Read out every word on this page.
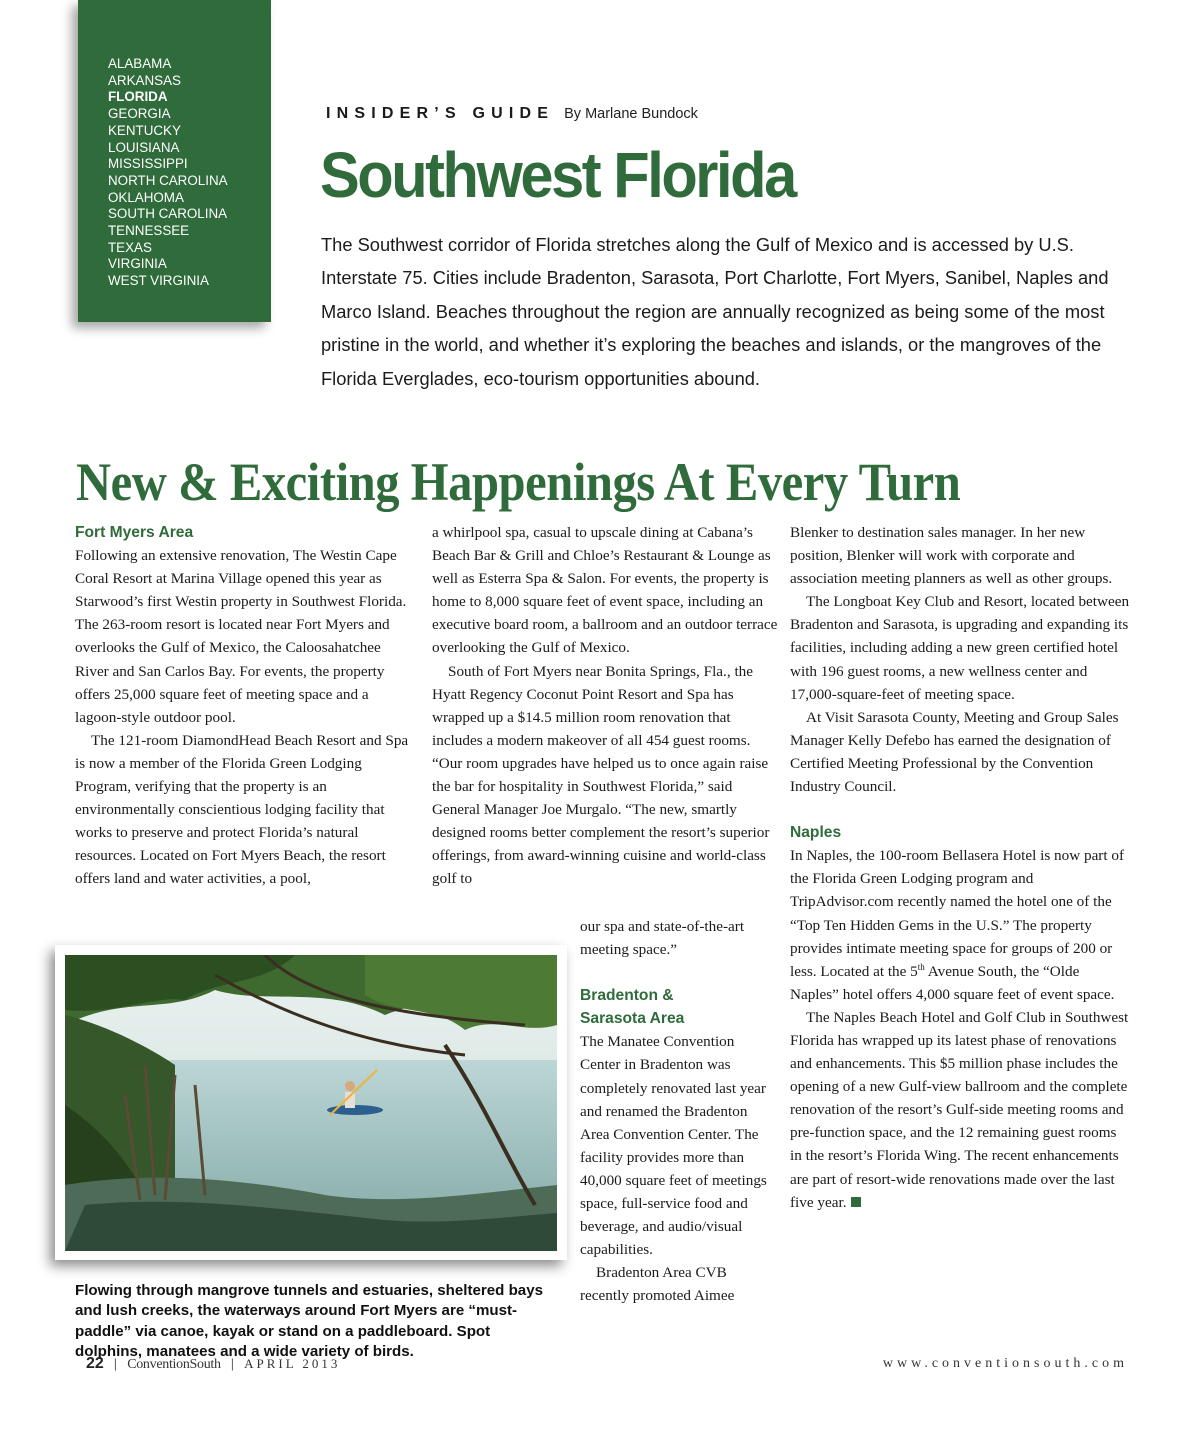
ALABAMA
ARKANSAS
FLORIDA
GEORGIA
KENTUCKY
LOUISIANA
MISSISSIPPI
NORTH CAROLINA
OKLAHOMA
SOUTH CAROLINA
TENNESSEE
TEXAS
VIRGINIA
WEST VIRGINIA
INSIDER’S GUIDE By Marlane Bundock
Southwest Florida

The Southwest corridor of Florida stretches along the Gulf of Mexico and is accessed by U.S. Interstate 75. Cities include Bradenton, Sarasota, Port Charlotte, Fort Myers, Sanibel, Naples and Marco Island. Beaches throughout the region are annually recognized as being some of the most pristine in the world, and whether it’s exploring the beaches and islands, or the mangroves of the Florida Everglades, eco-tourism opportunities abound.

New & Exciting Happenings At Every Turn
Fort Myers Area

Following an extensive renovation, The Westin Cape Coral Resort at Marina Village opened this year as Starwood’s first Westin property in Southwest Florida. The 263-room resort is located near Fort Myers and overlooks the Gulf of Mexico, the Caloosahatchee River and San Carlos Bay. For events, the property offers 25,000 square feet of meeting space and a lagoon-style outdoor pool.

The 121-room DiamondHead Beach Resort and Spa is now a member of the Florida Green Lodging Program, verifying that the property is an environmentally conscientious lodging facility that works to preserve and protect Florida’s natural resources. Located on Fort Myers Beach, the resort offers land and water activities, a pool,

a whirlpool spa, casual to upscale dining at Cabana’s Beach Bar & Grill and Chloe’s Restaurant & Lounge as well as Esterra Spa & Salon. For events, the property is home to 8,000 square feet of event space, including an executive board room, a ballroom and an outdoor terrace overlooking the Gulf of Mexico.

South of Fort Myers near Bonita Springs, Fla., the Hyatt Regency Coconut Point Resort and Spa has wrapped up a $14.5 million room renovation that includes a modern makeover of all 454 guest rooms. “Our room upgrades have helped us to once again raise the bar for hospitality in Southwest Florida,” said General Manager Joe Murgalo. “The new, smartly designed rooms better complement the resort’s superior offerings, from award-winning cuisine and world-class golf to

our spa and state-of-the-art meeting space.”

Bradenton &
Sarasota Area

The Manatee Convention Center in Bradenton was completely renovated last year and renamed the Bradenton Area Convention Center. The facility provides more than 40,000 square feet of meetings space, full-service food and beverage, and audio/visual capabilities.

Bradenton Area CVB recently promoted Aimee

Blenker to destination sales manager. In her new position, Blenker will work with corporate and association meeting planners as well as other groups.

The Longboat Key Club and Resort, located between Bradenton and Sarasota, is upgrading and expanding its facilities, including adding a new green certified hotel with 196 guest rooms, a new wellness center and 17,000-square-feet of meeting space.

At Visit Sarasota County, Meeting and Group Sales Manager Kelly Defebo has earned the designation of Certified Meeting Professional by the Convention Industry Council.

Naples

In Naples, the 100-room Bellasera Hotel is now part of the Florida Green Lodging program and TripAdvisor.com recently named the hotel one of the “Top Ten Hidden Gems in the U.S.” The property provides intimate meeting space for groups of 200 or less. Located at the 5th Avenue South, the “Olde Naples” hotel offers 4,000 square feet of event space.

The Naples Beach Hotel and Golf Club in Southwest Florida has wrapped up its latest phase of renovations and enhancements. This $5 million phase includes the opening of a new Gulf-view ballroom and the complete renovation of the resort’s Gulf-side meeting rooms and pre-function space, and the 12 remaining guest rooms in the resort’s Florida Wing. The recent enhancements are part of resort-wide renovations made over the last five year.

Flowing through mangrove tunnels and estuaries, sheltered bays and lush creeks, the waterways around Fort Myers are “must-paddle” via canoe, kayak or stand on a paddleboard. Spot dolphins, manatees and a wide variety of birds.

22 | ConventionSouth | APRIL 2013	www.conventionsouth.com
